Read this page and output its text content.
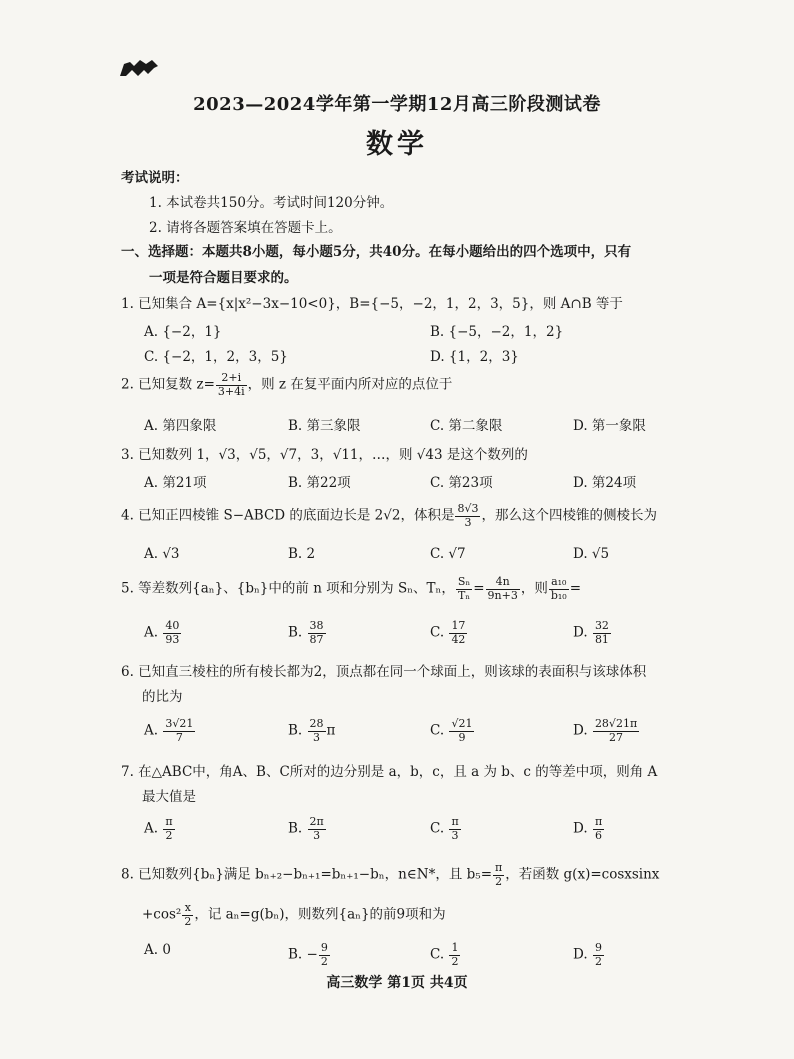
2023—2024学年第一学期12月高三阶段测试卷
数学
考试说明：
1. 本试卷共150分。考试时间120分钟。
2. 请将各题答案填在答题卡上。
一、选择题：本题共8小题，每小题5分，共40分。在每小题给出的四个选项中，只有
一项是符合题目要求的。
1. 已知集合 A={x|x²−3x−10<0}，B={−5，−2，1，2，3，5}，则 A∩B 等于
A. {−2，1}	B. {−5，−2，1，2}
C. {−2，1，2，3，5}	D. {1，2，3}
2. 已知复数 $z= \frac{2+i}{3+4i}$ ，则 z 在复平面内所对应的点位于
A. 第四象限	B. 第三象限	C. 第二象限	D. 第一象限
3. 已知数列 1，√3，√5，√7，3，√11，…，则 √43 是这个数列的
A. 第21项	B. 第22项	C. 第23项	D. 第24项
4. 已知正四棱锥 S−ABCD 的底面边长是 2√2，体积是 $\frac{8√3}{3}$ ，那么这个四棱锥的侧棱长为
A. √3	B. 2	C. √7	D. √5
5. 等差数列{aₙ}、{bₙ}中的前 n 项和分别为 Sₙ、Tₙ， $\frac{\text{Sₙ}}{\text{Tₙ}} = \frac{4n}{9n+3}$ ，则 $\frac{\text{a₁₀}}{\text{b₁₀}}$ =
A. $\frac{40}{93}$	B. $\frac{38}{87}$	C. $\frac{17}{42}$	D. $\frac{32}{81}$
6. 已知直三棱柱的所有棱长都为2，顶点都在同一个球面上，则该球的表面积与该球体积
的比为
A. $\frac{3√21}{7}$	B. $\frac{28}{3}$ π	C. $\frac{√21}{9}$	D. $\frac{28√21\pi}{27}$
7. 在△ABC中，角A、B、C所对的边分别是 a，b，c，且 a 为 b、c 的等差中项，则角 A
最大值是
A. $\frac{\pi}{2}$	B. $\frac{2\pi}{3}$	C. $\frac{\pi}{3}$	D. $\frac{\pi}{6}$
8. 已知数列{bₙ}满足 bₙ₊₂−bₙ₊₁=bₙ₊₁−bₙ，n∈N*，且 $b_5= \frac{\pi}{2}$ ，若函数 g(x)=cosxsinx
$+\cos^2 \frac{x}{2}$ ，记 aₙ=g(bₙ)，则数列{aₙ}的前9项和为
A. 0	B. − $\frac{9}{2}$	C. $\frac{1}{2}$	D. $\frac{9}{2}$
高三数学 第1页 共4页
